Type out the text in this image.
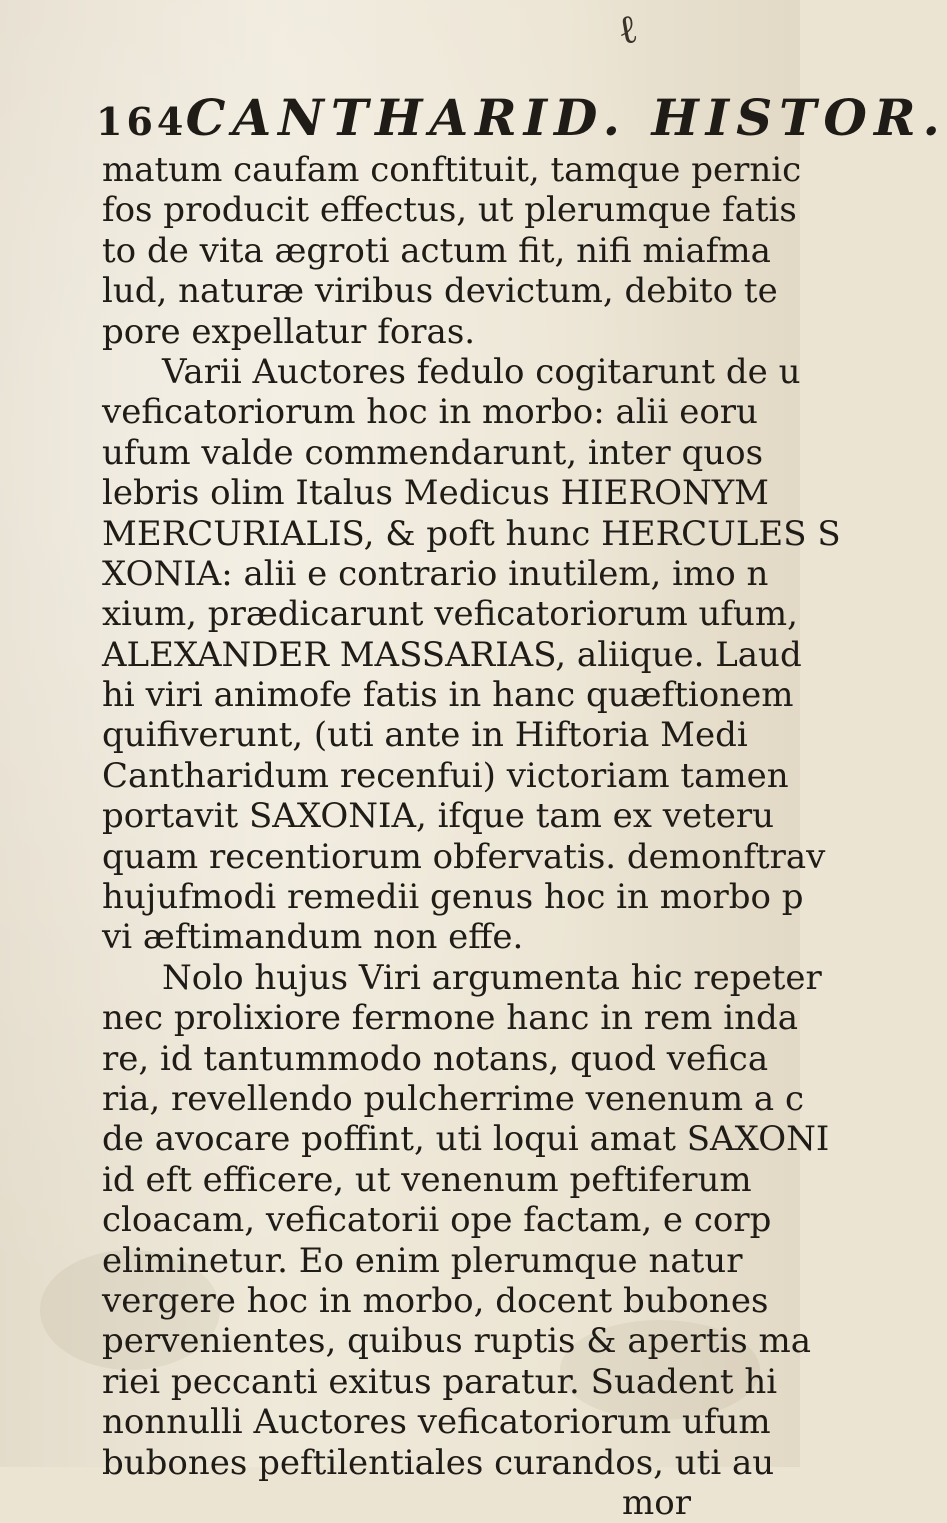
ℓ
164 CANTHARID. HISTOR.
matum caufam conftituit, tamque pernic
fos producit effectus, ut plerumque fatis
to de vita ægroti actum fit, nifi miafma
lud, naturæ viribus devictum, debito te
pore expellatur foras.
Varii Auctores fedulo cogitarunt de u
veficatoriorum hoc in morbo: alii eoru
ufum valde commendarunt, inter quos
lebris olim Italus Medicus HIERONYM
MERCURIALIS, & poft hunc HERCULES S
XONIA: alii e contrario inutilem, imo n
xium, prædicarunt veficatoriorum ufum,
ALEXANDER MASSARIAS, aliique. Laud
hi viri animofe fatis in hanc quæftionem
quifiverunt, (uti ante in Hiftoria Medi
Cantharidum recenfui) victoriam tamen
portavit SAXONIA, ifque tam ex veteru
quam recentiorum obfervatis. demonftrav
hujufmodi remedii genus hoc in morbo p
vi æftimandum non effe.
Nolo hujus Viri argumenta hic repeter
nec prolixiore fermone hanc in rem inda
re, id tantummodo notans, quod vefica
ria, revellendo pulcherrime venenum a c
de avocare poffint, uti loqui amat SAXONI
id eft efficere, ut venenum peftiferum
cloacam, veficatorii ope factam, e corp
eliminetur. Eo enim plerumque natur
vergere hoc in morbo, docent bubones
pervenientes, quibus ruptis & apertis ma
riei peccanti exitus paratur. Suadent hi
nonnulli Auctores veficatoriorum ufum
bubones peftilentiales curandos, uti au
mor
